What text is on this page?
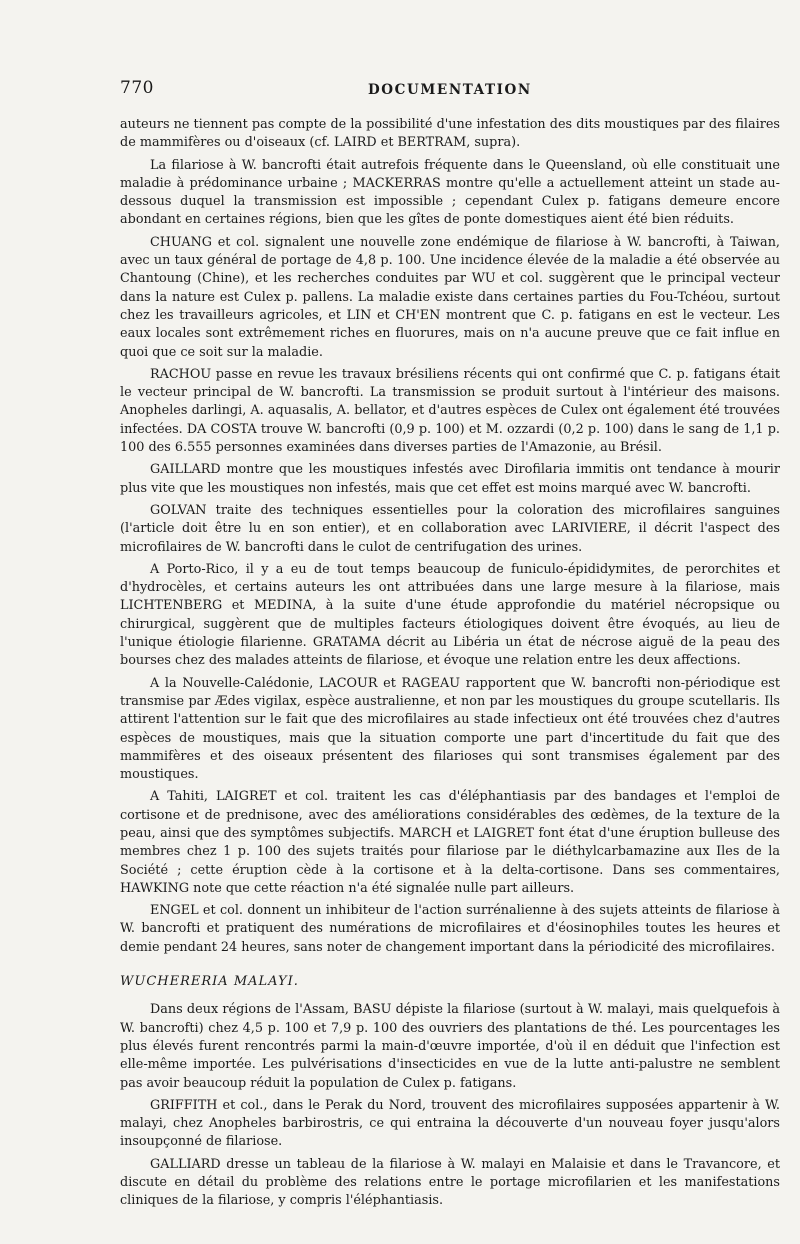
770	DOCUMENTATION

auteurs ne tiennent pas compte de la possibilité d'une infestation des dits moustiques par des filaires de mammifères ou d'oiseaux (cf. LAIRD et BERTRAM, supra).

La filariose à W. bancrofti était autrefois fréquente dans le Queensland, où elle constituait une maladie à prédominance urbaine ; MACKERRAS montre qu'elle a actuellement atteint un stade au-dessous duquel la transmission est impossible ; cependant Culex p. fatigans demeure encore abondant en certaines régions, bien que les gîtes de ponte domestiques aient été bien réduits.

CHUANG et col. signalent une nouvelle zone endémique de filariose à W. bancrofti, à Taiwan, avec un taux général de portage de 4,8 p. 100. Une incidence élevée de la maladie a été observée au Chantoung (Chine), et les recherches conduites par WU et col. suggèrent que le principal vecteur dans la nature est Culex p. pallens. La maladie existe dans certaines parties du Fou-Tchéou, surtout chez les travailleurs agricoles, et LIN et CH'EN montrent que C. p. fatigans en est le vecteur. Les eaux locales sont extrêmement riches en fluorures, mais on n'a aucune preuve que ce fait influe en quoi que ce soit sur la maladie.

RACHOU passe en revue les travaux brésiliens récents qui ont confirmé que C. p. fatigans était le vecteur principal de W. bancrofti. La transmission se produit surtout à l'intérieur des maisons. Anopheles darlingi, A. aquasalis, A. bellator, et d'autres espèces de Culex ont également été trouvées infectées. DA COSTA trouve W. bancrofti (0,9 p. 100) et M. ozzardi (0,2 p. 100) dans le sang de 1,1 p. 100 des 6.555 personnes examinées dans diverses parties de l'Amazonie, au Brésil.

GAILLARD montre que les moustiques infestés avec Dirofilaria immitis ont tendance à mourir plus vite que les moustiques non infestés, mais que cet effet est moins marqué avec W. bancrofti.

GOLVAN traite des techniques essentielles pour la coloration des microfilaires sanguines (l'article doit être lu en son entier), et en collaboration avec LARIVIERE, il décrit l'aspect des microfilaires de W. bancrofti dans le culot de centrifugation des urines.

A Porto-Rico, il y a eu de tout temps beaucoup de funiculo-épididymites, de perorchites et d'hydrocèles, et certains auteurs les ont attribuées dans une large mesure à la filariose, mais LICHTENBERG et MEDINA, à la suite d'une étude approfondie du matériel nécropsique ou chirurgical, suggèrent que de multiples facteurs étiologiques doivent être évoqués, au lieu de l'unique étiologie filarienne. GRATAMA décrit au Libéria un état de nécrose aiguë de la peau des bourses chez des malades atteints de filariose, et évoque une relation entre les deux affections.

A la Nouvelle-Calédonie, LACOUR et RAGEAU rapportent que W. bancrofti non-périodique est transmise par Ædes vigilax, espèce australienne, et non par les moustiques du groupe scutellaris. Ils attirent l'attention sur le fait que des microfilaires au stade infectieux ont été trouvées chez d'autres espèces de moustiques, mais que la situation comporte une part d'incertitude du fait que des mammifères et des oiseaux présentent des filarioses qui sont transmises également par des moustiques.

A Tahiti, LAIGRET et col. traitent les cas d'éléphantiasis par des bandages et l'emploi de cortisone et de prednisone, avec des améliorations considérables des œdèmes, de la texture de la peau, ainsi que des symptômes subjectifs. MARCH et LAIGRET font état d'une éruption bulleuse des membres chez 1 p. 100 des sujets traités pour filariose par le diéthylcarbamazine aux Iles de la Société ; cette éruption cède à la cortisone et à la delta-cortisone. Dans ses commentaires, HAWKING note que cette réaction n'a été signalée nulle part ailleurs.

ENGEL et col. donnent un inhibiteur de l'action surrénalienne à des sujets atteints de filariose à W. bancrofti et pratiquent des numérations de microfilaires et d'éosinophiles toutes les heures et demie pendant 24 heures, sans noter de changement important dans la périodicité des microfilaires.

WUCHERERIA MALAYI.

Dans deux régions de l'Assam, BASU dépiste la filariose (surtout à W. malayi, mais quelquefois à W. bancrofti) chez 4,5 p. 100 et 7,9 p. 100 des ouvriers des plantations de thé. Les pourcentages les plus élevés furent rencontrés parmi la main-d'œuvre importée, d'où il en déduit que l'infection est elle-même importée. Les pulvérisations d'insecticides en vue de la lutte anti-palustre ne semblent pas avoir beaucoup réduit la population de Culex p. fatigans.

GRIFFITH et col., dans le Perak du Nord, trouvent des microfilaires supposées appartenir à W. malayi, chez Anopheles barbirostris, ce qui entraina la découverte d'un nouveau foyer jusqu'alors insoupçonné de filariose.

GALLIARD dresse un tableau de la filariose à W. malayi en Malaisie et dans le Travancore, et discute en détail du problème des relations entre le portage microfilarien et les manifestations cliniques de la filariose, y compris l'éléphantiasis.
